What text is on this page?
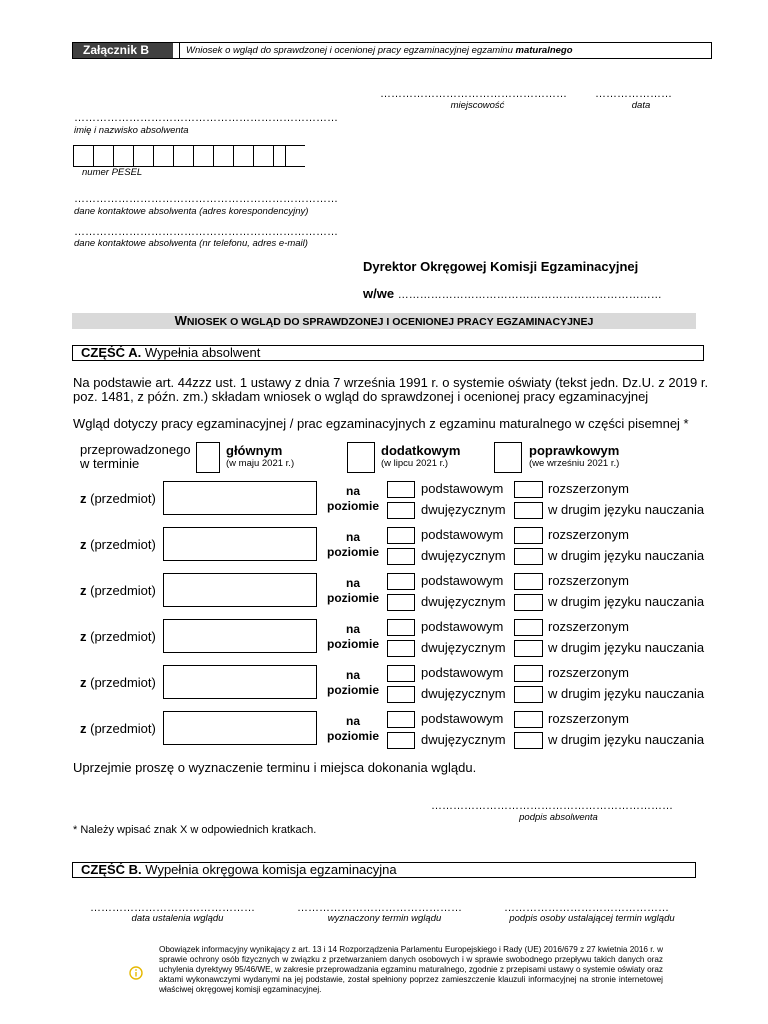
Załącznik B	Wniosek o wgląd do sprawdzonej i ocenionej pracy egzaminacyjnej egzaminu maturalnego
……………………………………………
miejscowość
…………………
data
………………………………………………………………
imię i nazwisko absolwenta
numer PESEL
………………………………………………………………
dane kontaktowe absolwenta (adres korespondencyjny)
………………………………………………………………
dane kontaktowe absolwenta (nr telefonu, adres e-mail)
Dyrektor Okręgowej Komisji Egzaminacyjnej
w/we ………………………………………………………………
WNIOSEK O WGLĄD DO SPRAWDZONEJ I OCENIONEJ PRACY EGZAMINACYJNEJ
CZĘŚĆ A. Wypełnia absolwent
Na podstawie art. 44zzz ust. 1 ustawy z dnia 7 września 1991 r. o systemie oświaty (tekst jedn. Dz.U. z 2019 r.
poz. 1481, z późn. zm.) składam wniosek o wgląd do sprawdzonej i ocenionej pracy egzaminacyjnej
Wgląd dotyczy pracy egzaminacyjnej / prac egzaminacyjnych z egzaminu maturalnego w części pisemnej *
przeprowadzonego
w terminie
głównym
(w maju 2021 r.)
dodatkowym
(w lipcu 2021 r.)
poprawkowym
(we wrześniu 2021 r.)
z (przedmiot)	na
poziomie
podstawowym	rozszerzonym
dwujęzycznym	w drugim języku nauczania
z (przedmiot)	na
poziomie
podstawowym	rozszerzonym
dwujęzycznym	w drugim języku nauczania
z (przedmiot)	na
poziomie
podstawowym	rozszerzonym
dwujęzycznym	w drugim języku nauczania
z (przedmiot)	na
poziomie
podstawowym	rozszerzonym
dwujęzycznym	w drugim języku nauczania
z (przedmiot)	na
poziomie
podstawowym	rozszerzonym
dwujęzycznym	w drugim języku nauczania
z (przedmiot)	na
poziomie
podstawowym	rozszerzonym
dwujęzycznym	w drugim języku nauczania
Uprzejmie proszę o wyznaczenie terminu i miejsca dokonania wglądu.
…………………………………………………………
podpis absolwenta
* Należy wpisać znak X w odpowiednich kratkach.
CZĘŚĆ B. Wypełnia okręgowa komisja egzaminacyjna
………………………………………
data ustalenia wglądu
………………………………………
wyznaczony termin wglądu
………………………………………
podpis osoby ustalającej termin wglądu
Obowiązek informacyjny wynikający z art. 13 i 14 Rozporządzenia Parlamentu Europejskiego i Rady (UE) 2016/679 z 27 kwietnia 2016 r. w sprawie ochrony osób fizycznych w związku z przetwarzaniem danych osobowych i w sprawie swobodnego przepływu takich danych oraz uchylenia dyrektywy 95/46/WE, w zakresie przeprowadzania egzaminu maturalnego, zgodnie z przepisami ustawy o systemie oświaty oraz aktami wykonawczymi wydanymi na jej podstawie, został spełniony poprzez zamieszczenie klauzuli informacyjnej na stronie internetowej właściwej okręgowej komisji egzaminacyjnej.
